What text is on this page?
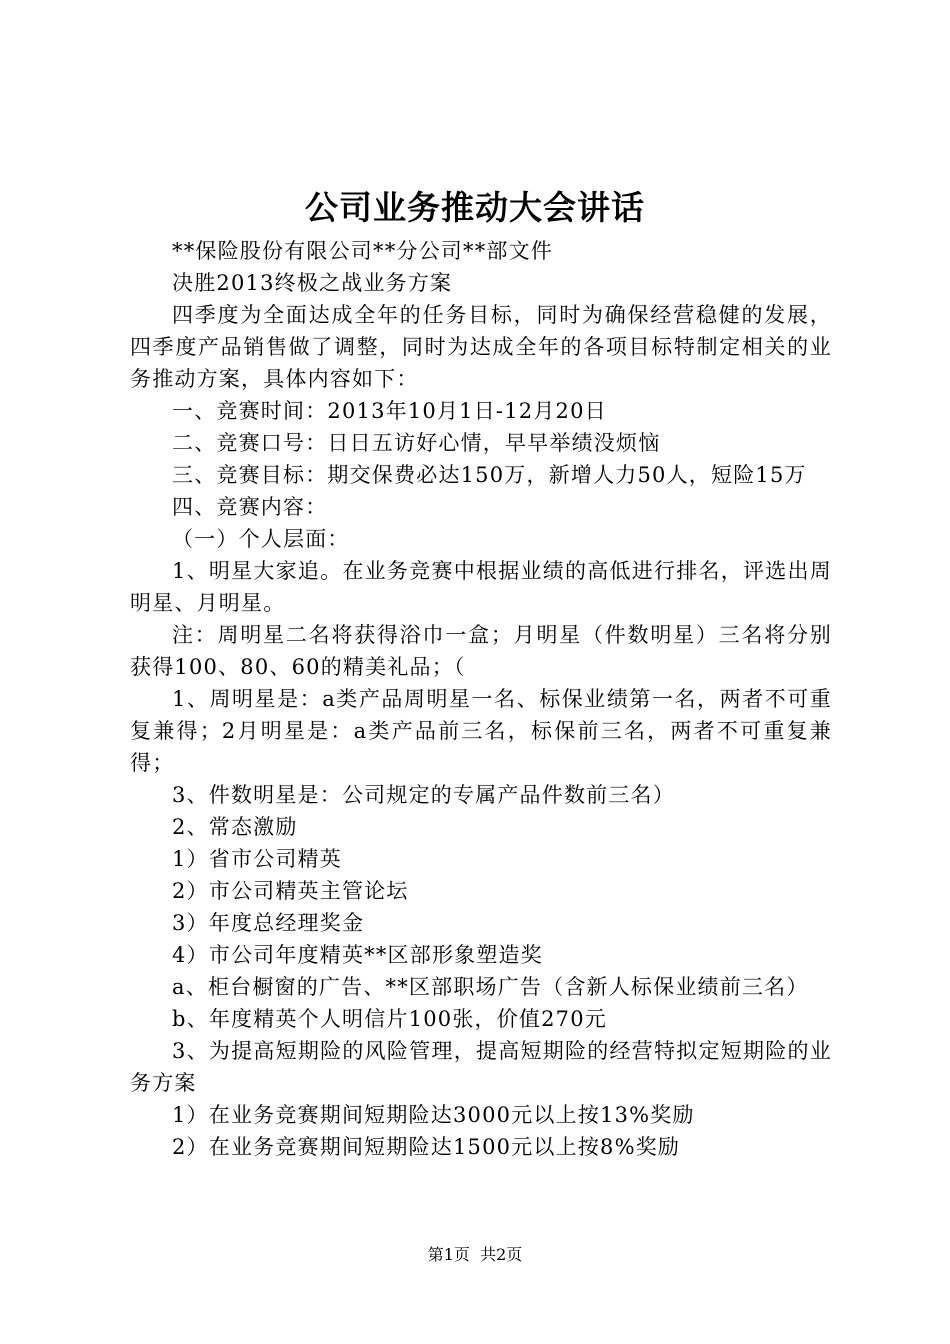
公司业务推动大会讲话

**保险股份有限公司**分公司**部文件

决胜2013终极之战业务方案

四季度为全面达成全年的任务目标，同时为确保经营稳健的发展，四季度产品销售做了调整，同时为达成全年的各项目标特制定相关的业务推动方案，具体内容如下：

一、竞赛时间：2013年10月1日-12月20日

二、竞赛口号：日日五访好心情，早早举绩没烦恼

三、竞赛目标：期交保费必达150万，新增人力50人，短险15万

四、竞赛内容：

（一）个人层面：

1、明星大家追。在业务竞赛中根据业绩的高低进行排名，评选出周明星、月明星。

注：周明星二名将获得浴巾一盒；月明星（件数明星）三名将分别获得100、80、60的精美礼品；（

1、周明星是：a类产品周明星一名、标保业绩第一名，两者不可重复兼得；2月明星是：a类产品前三名，标保前三名，两者不可重复兼得；

3、件数明星是：公司规定的专属产品件数前三名）

2、常态激励

1）省市公司精英

2）市公司精英主管论坛

3）年度总经理奖金

4）市公司年度精英**区部形象塑造奖

a、柜台橱窗的广告、**区部职场广告（含新人标保业绩前三名）

b、年度精英个人明信片100张，价值270元

3、为提高短期险的风险管理，提高短期险的经营特拟定短期险的业务方案

1）在业务竞赛期间短期险达3000元以上按13%奖励

2）在业务竞赛期间短期险达1500元以上按8%奖励

第1页  共2页
